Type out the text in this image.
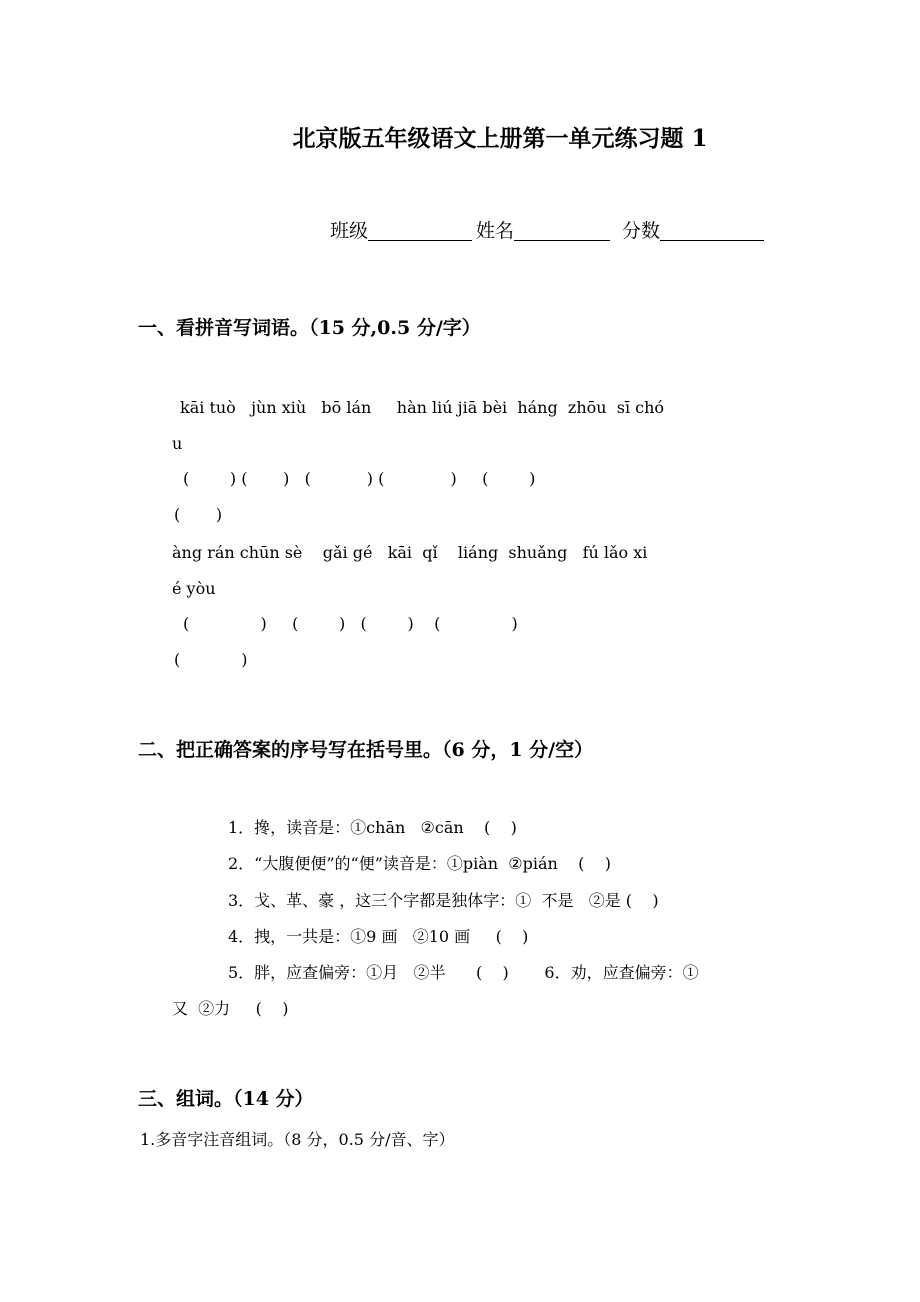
北京版五年级语文上册第一单元练习题 1
班级	姓名	分数
一、看拼音写词语。（15 分,0.5 分/字）
kāi tuò   jùn xiù   bō lán     hàn liú jiā bèi  háng  zhōu  sī chó
u
(        ) (       )   (           ) (             )     (        )
(       )
àng rán chūn sè    gǎi gé   kāi  qǐ    liáng  shuǎng   fú lǎo xi
é yòu
(              )     (        )   (        )    (              )
(            )
二、把正确答案的序号写在括号里。（6 分，1 分/空）
1．搀，读音是：①chān   ②cān    (    )
2．“大腹便便”的“便”读音是：①piàn  ②pián    (    )
3．戈、革、豪 ，这三个字都是独体字：①  不是   ②是 (    )
4．拽，一共是：①9 画   ②10 画     (    )
5．胖，应查偏旁：①月   ②半      (    )       6．劝，应查偏旁：①
又  ②力     (    )
三、组词。（14 分）
1.多音字注音组词。（8 分，0.5 分/音、字）
